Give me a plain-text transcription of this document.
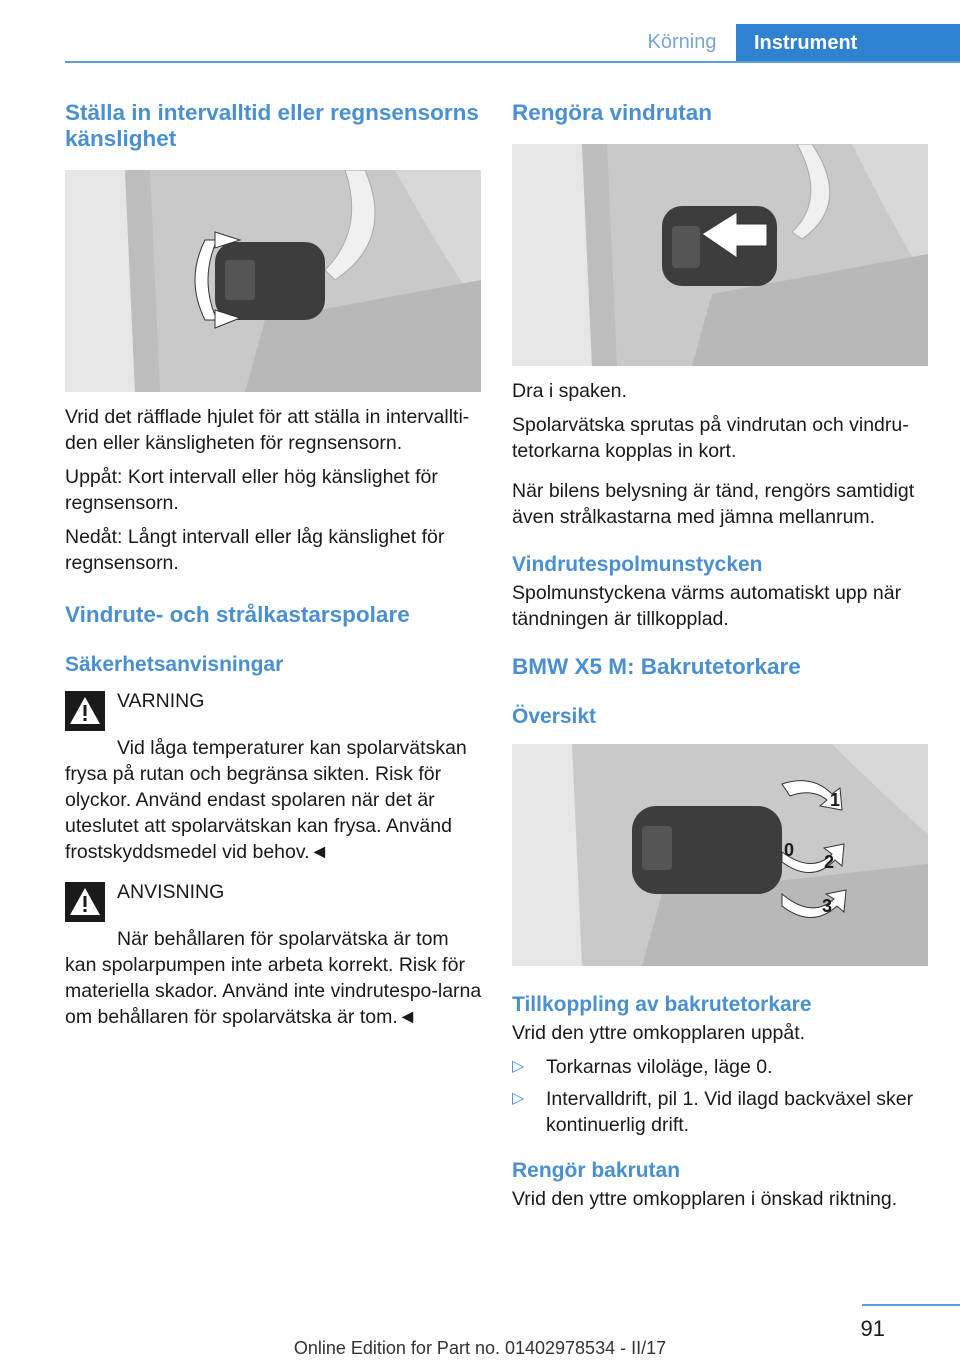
Körning	Instrument
Ställa in intervalltid eller regnsensorns känslighet

Vrid det räfflade hjulet för att ställa in intervallti‐den eller känsligheten för regnsensorn.

Uppåt: Kort intervall eller hög känslighet för regnsensorn.

Nedåt: Långt intervall eller låg känslighet för regnsensorn.

Vindrute- och strålkastarspolare
Säkerhetsanvisningar

VARNING

Vid låga temperaturer kan spolarvätskan frysa på rutan och begränsa sikten. Risk för olyckor. Använd endast spolaren när det är uteslutet att spolarvätskan kan frysa. Använd frostskyddsmedel vid behov.◄

ANVISNING

När behållaren för spolarvätska är tom kan spolarpumpen inte arbeta korrekt. Risk för materiella skador. Använd inte vindrutespo‐larna om behållaren för spolarvätska är tom.◄

Rengöra vindrutan

Dra i spaken.

Spolarvätska sprutas på vindrutan och vindru‐tetorkarna kopplas in kort.

När bilens belysning är tänd, rengörs samtidigt även strålkastarna med jämna mellanrum.

Vindrutespolmunstycken

Spolmunstyckena värms automatiskt upp när tändningen är tillkopplad.

BMW X5 M: Bakrutetorkare
Översikt
1
0
2
3
Tillkoppling av bakrutetorkare

Vrid den yttre omkopplaren uppåt.

▷	Torkarnas viloläge, läge 0.
▷	Intervalldrift, pil 1. Vid ilagd backväxel sker kontinuerlig drift.
Rengör bakrutan

Vrid den yttre omkopplaren i önskad riktning.

91
Online Edition for Part no. 01402978534 - II/17
